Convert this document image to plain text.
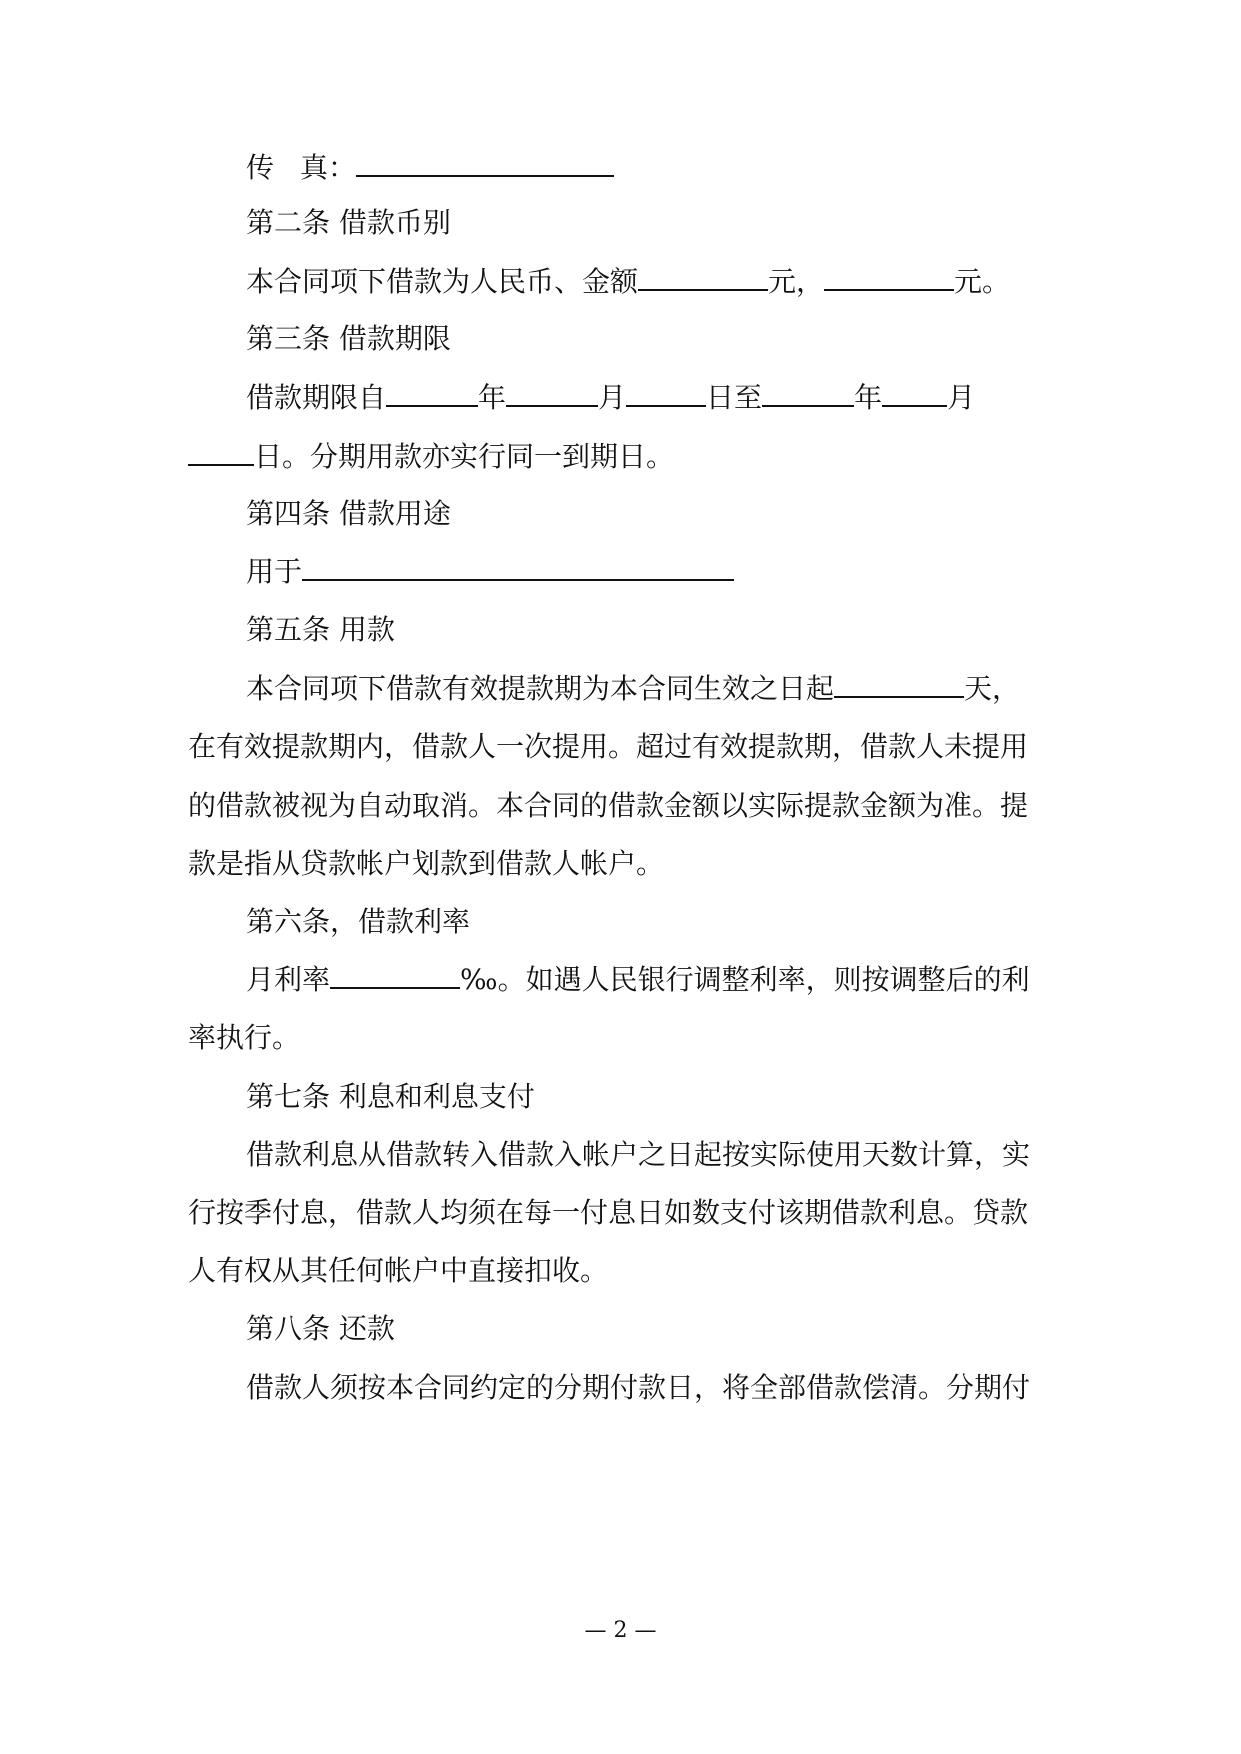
传 真：
第二条 借款币别
本合同项下借款为人民币、金额	元，	元。
第三条 借款期限
借款期限自	年	月	日至	年 月
日。分期用款亦实行同一到期日。
第四条 借款用途
用于
第五条 用款
本合同项下借款有效提款期为本合同生效之日起	天，
在有效提款期内，借款人一次提用。超过有效提款期，借款人未提用
的借款被视为自动取消。本合同的借款金额以实际提款金额为准。提
款是指从贷款帐户划款到借款人帐户。
第六条，借款利率
月利率	‰。如遇人民银行调整利率，则按调整后的利
率执行。
第七条 利息和利息支付
借款利息从借款转入借款入帐户之日起按实际使用天数计算，实
行按季付息，借款人均须在每一付息日如数支付该期借款利息。贷款
人有权从其任何帐户中直接扣收。
第八条 还款
借款人须按本合同约定的分期付款日，将全部借款偿清。分期付
— 2 —
